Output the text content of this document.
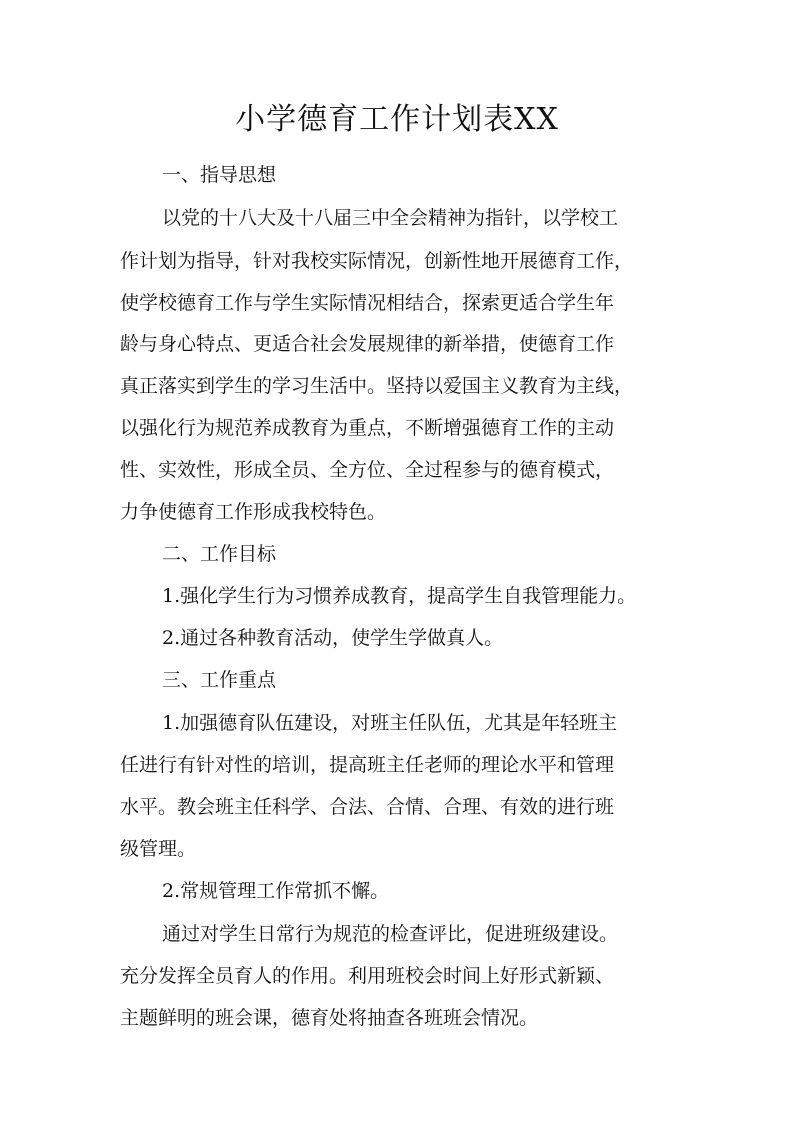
小学德育工作计划表XX

一、指导思想

以党的十八大及十八届三中全会精神为指针，以学校工

作计划为指导，针对我校实际情况，创新性地开展德育工作，

使学校德育工作与学生实际情况相结合，探索更适合学生年

龄与身心特点、更适合社会发展规律的新举措，使德育工作

真正落实到学生的学习生活中。坚持以爱国主义教育为主线，

以强化行为规范养成教育为重点，不断增强德育工作的主动

性、实效性，形成全员、全方位、全过程参与的德育模式，

力争使德育工作形成我校特色。

二、工作目标

1.强化学生行为习惯养成教育，提高学生自我管理能力。

2.通过各种教育活动，使学生学做真人。

三、工作重点

1.加强德育队伍建设，对班主任队伍，尤其是年轻班主

任进行有针对性的培训，提高班主任老师的理论水平和管理

水平。教会班主任科学、合法、合情、合理、有效的进行班

级管理。

2.常规管理工作常抓不懈。

通过对学生日常行为规范的检查评比，促进班级建设。

充分发挥全员育人的作用。利用班校会时间上好形式新颖、

主题鲜明的班会课，德育处将抽查各班班会情况。
